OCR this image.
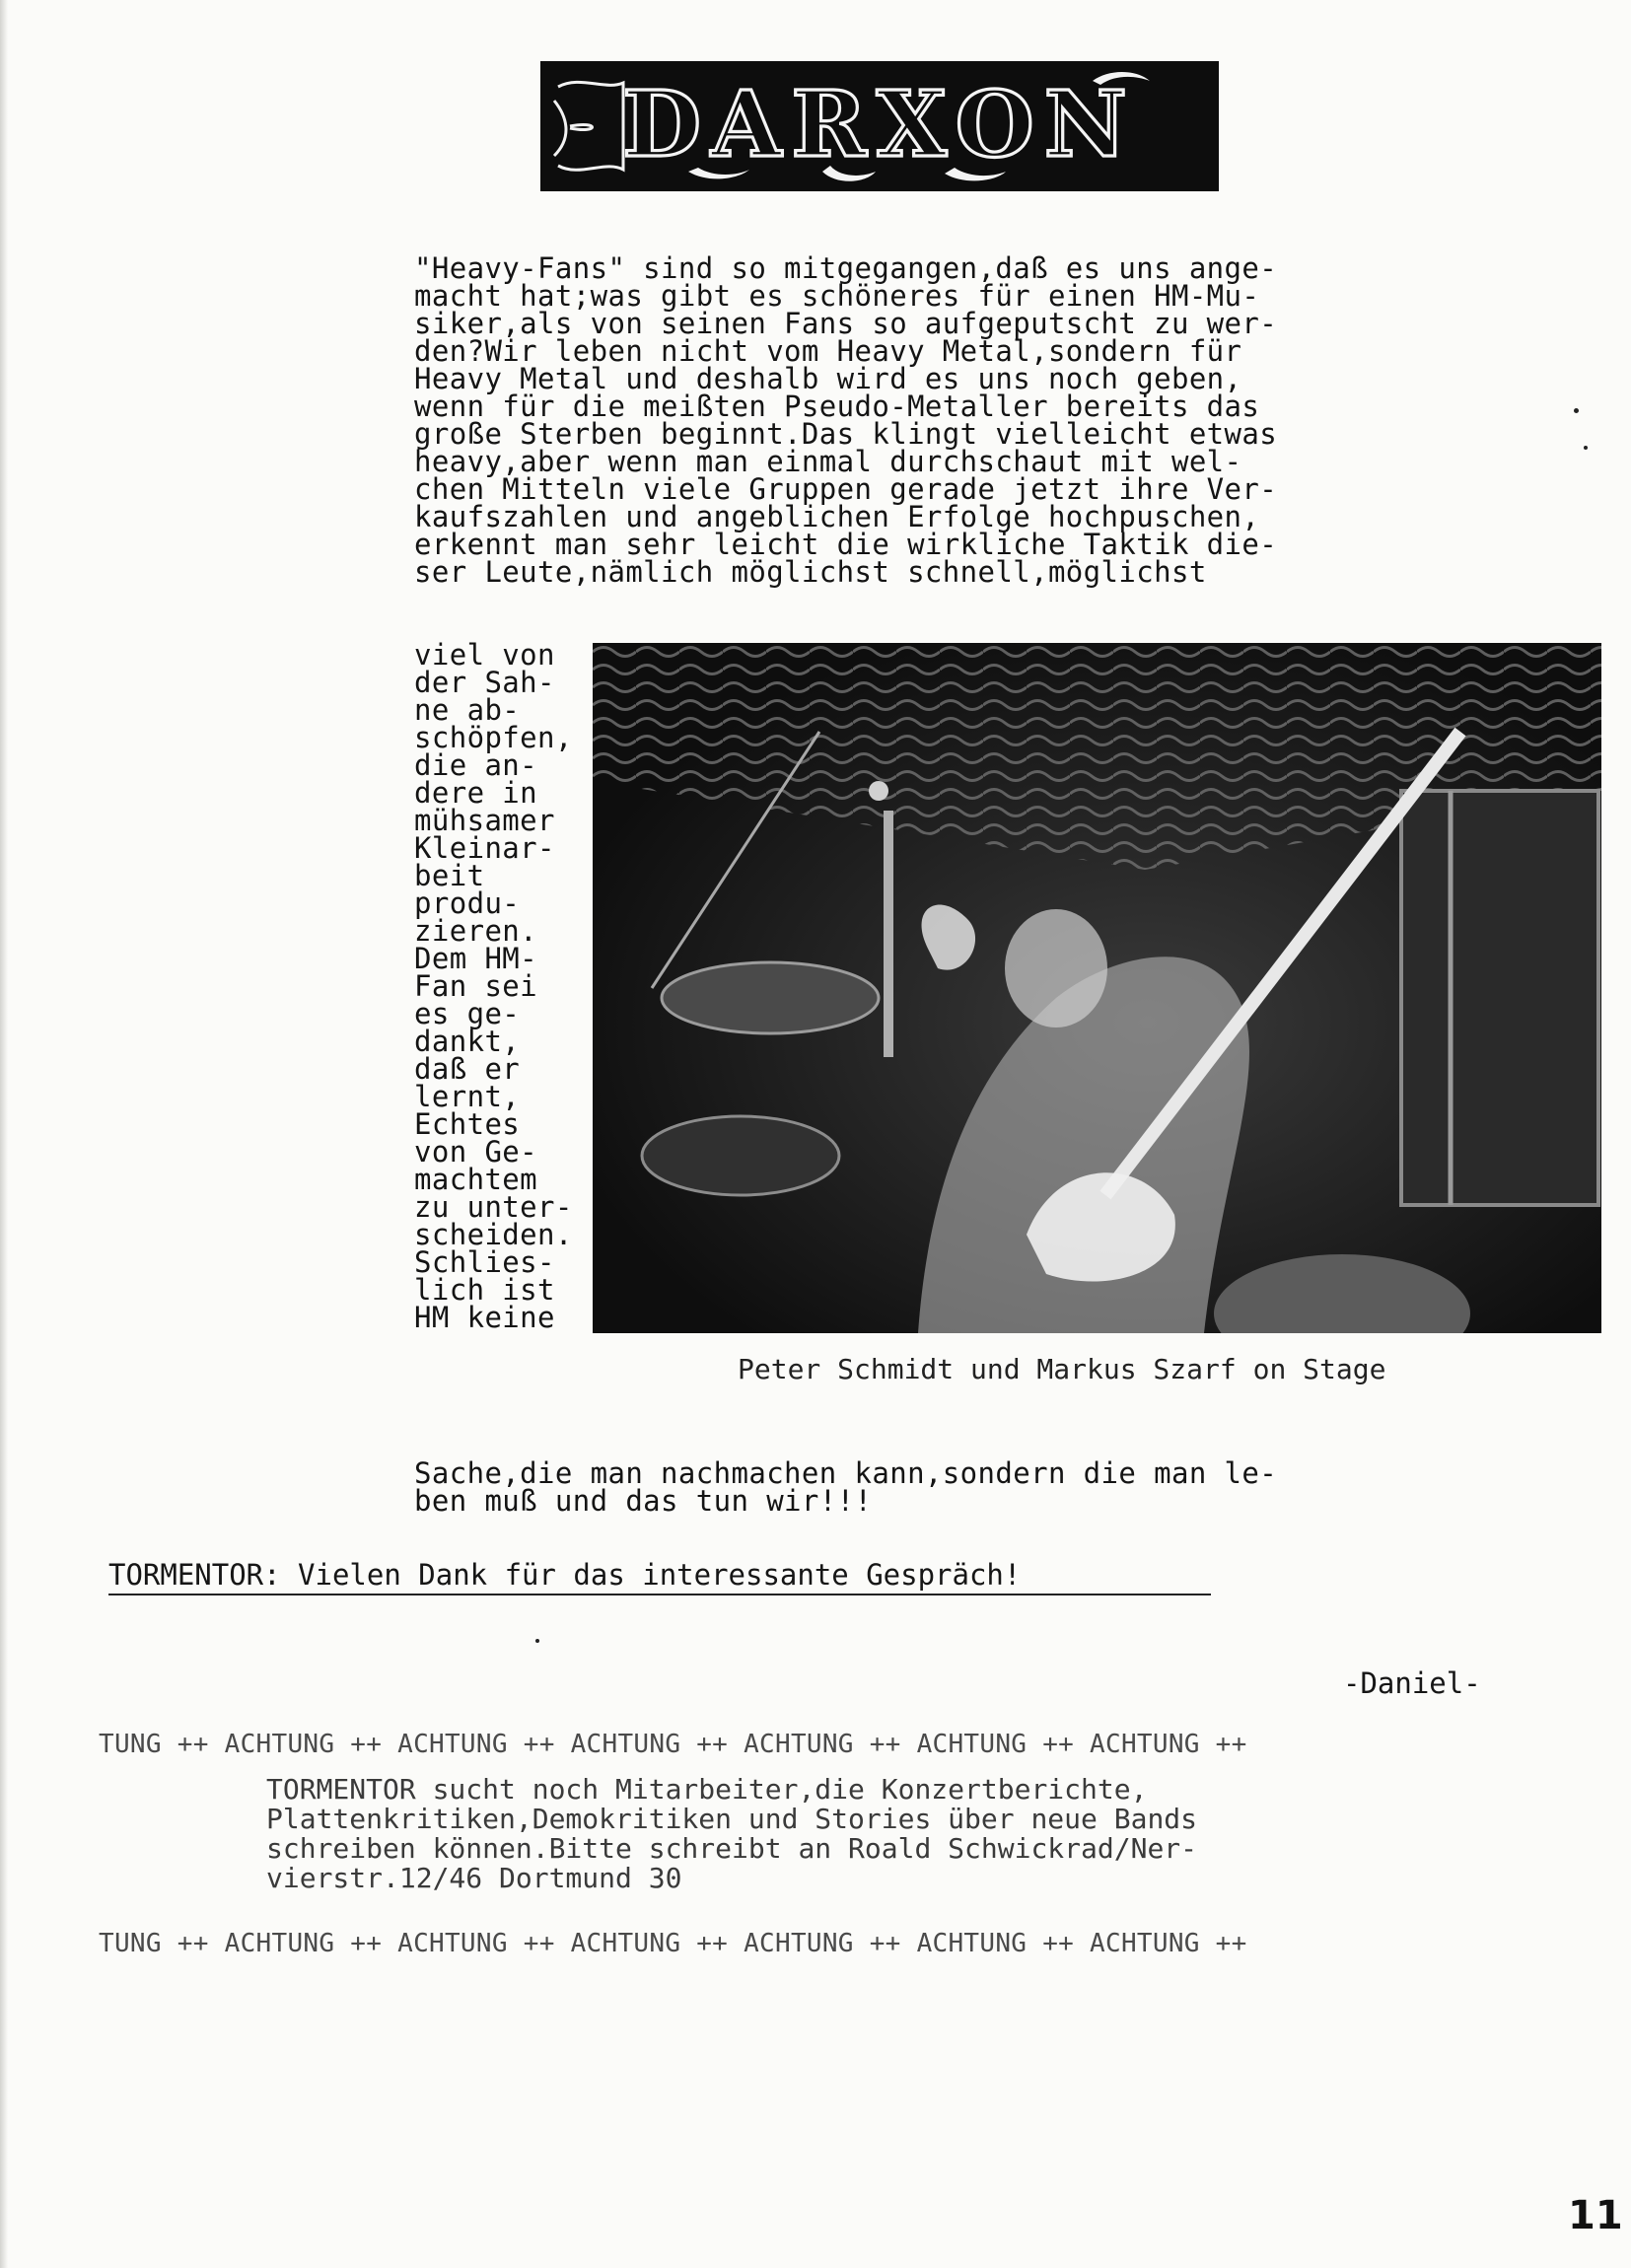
DARXON

"Heavy-Fans" sind so mitgegangen,daß es uns ange-
macht hat;was gibt es schöneres für einen HM-Mu-
siker,als von seinen Fans so aufgeputscht zu wer-
den?Wir leben nicht vom Heavy Metal,sondern für
Heavy Metal und deshalb wird es uns noch geben,
wenn für die meißten Pseudo-Metaller bereits das
große Sterben beginnt.Das klingt vielleicht etwas
heavy,aber wenn man einmal durchschaut mit wel-
chen Mitteln viele Gruppen gerade jetzt ihre Ver-
kaufszahlen und angeblichen Erfolge hochpuschen,
erkennt man sehr leicht die wirkliche Taktik die-
ser Leute,nämlich möglichst schnell,möglichst

viel von
der Sah-
ne ab-
schöpfen,
die an-
dere in
mühsamer
Kleinar-
beit
produ-
zieren.
Dem HM-
Fan sei
es ge-
dankt,
daß er
lernt,
Echtes
von Ge-
machtem
zu unter-
scheiden.
Schlies-
lich ist
HM keine

Sache,die man nachmachen kann,sondern die man le-
ben muß und das tun wir!!!

Peter Schmidt und Markus Szarf on Stage

TORMENTOR: Vielen Dank für das interessante Gespräch!

-Daniel-

TUNG ++ ACHTUNG ++ ACHTUNG ++ ACHTUNG ++ ACHTUNG ++ ACHTUNG ++ ACHTUNG ++

TORMENTOR sucht noch Mitarbeiter,die Konzertberichte,
Plattenkritiken,Demokritiken und Stories über neue Bands
schreiben können.Bitte schreibt an Roald Schwickrad/Ner-
vierstr.12/46 Dortmund 30

TUNG ++ ACHTUNG ++ ACHTUNG ++ ACHTUNG ++ ACHTUNG ++ ACHTUNG ++ ACHTUNG ++

11
